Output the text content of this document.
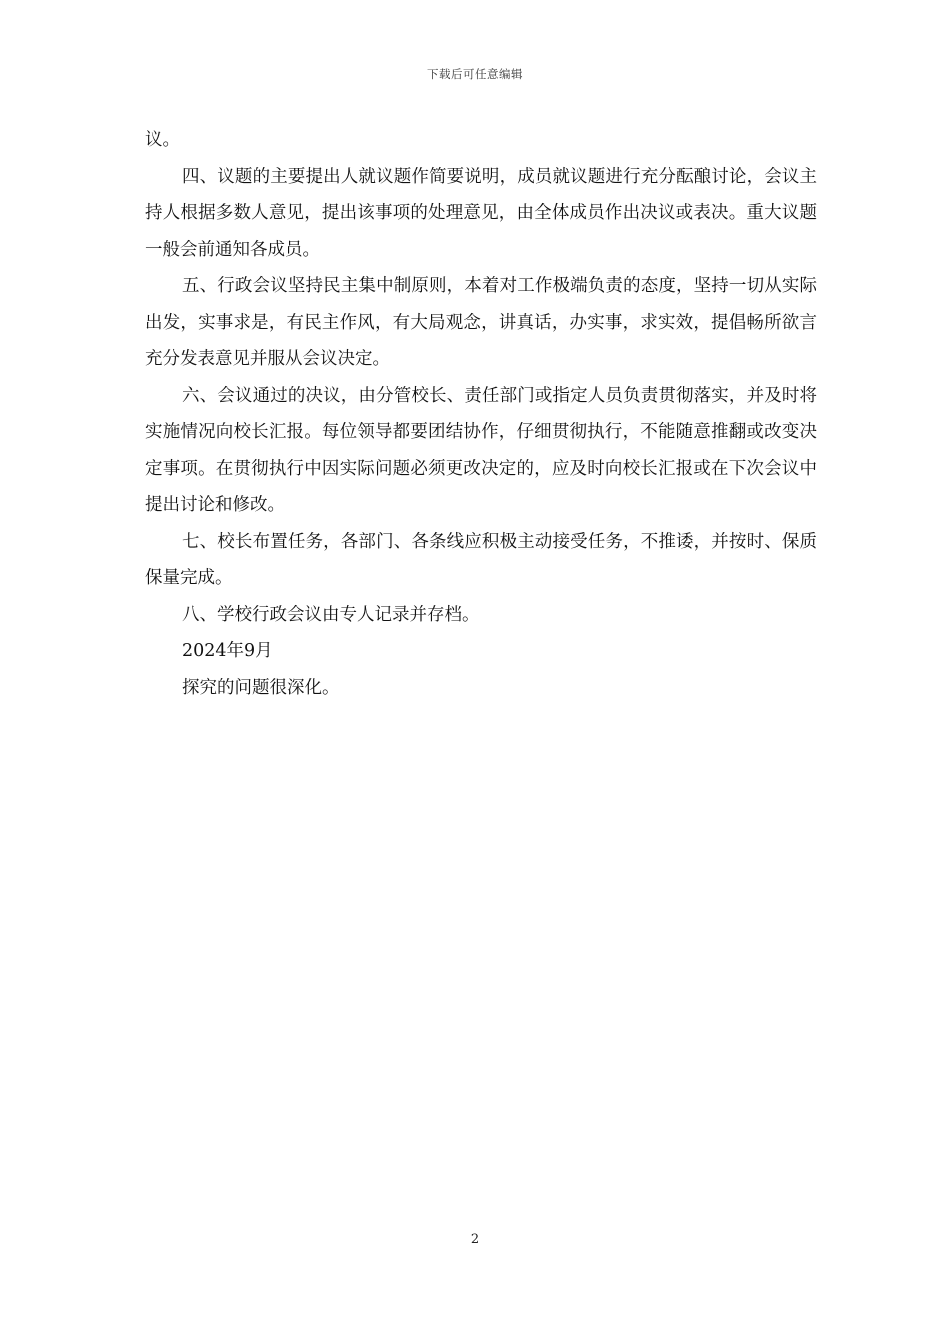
下载后可任意编辑

议。

四、议题的主要提出人就议题作简要说明，成员就议题进行充分酝酿讨论，会议主持人根据多数人意见，提出该事项的处理意见，由全体成员作出决议或表决。重大议题一般会前通知各成员。

五、行政会议坚持民主集中制原则，本着对工作极端负责的态度，坚持一切从实际出发，实事求是，有民主作风，有大局观念，讲真话，办实事，求实效，提倡畅所欲言充分发表意见并服从会议决定。

六、会议通过的决议，由分管校长、责任部门或指定人员负责贯彻落实，并及时将实施情况向校长汇报。每位领导都要团结协作，仔细贯彻执行，不能随意推翻或改变决定事项。在贯彻执行中因实际问题必须更改决定的，应及时向校长汇报或在下次会议中提出讨论和修改。

七、校长布置任务，各部门、各条线应积极主动接受任务，不推诿，并按时、保质保量完成。

八、学校行政会议由专人记录并存档。

2024年9月

探究的问题很深化。

2
